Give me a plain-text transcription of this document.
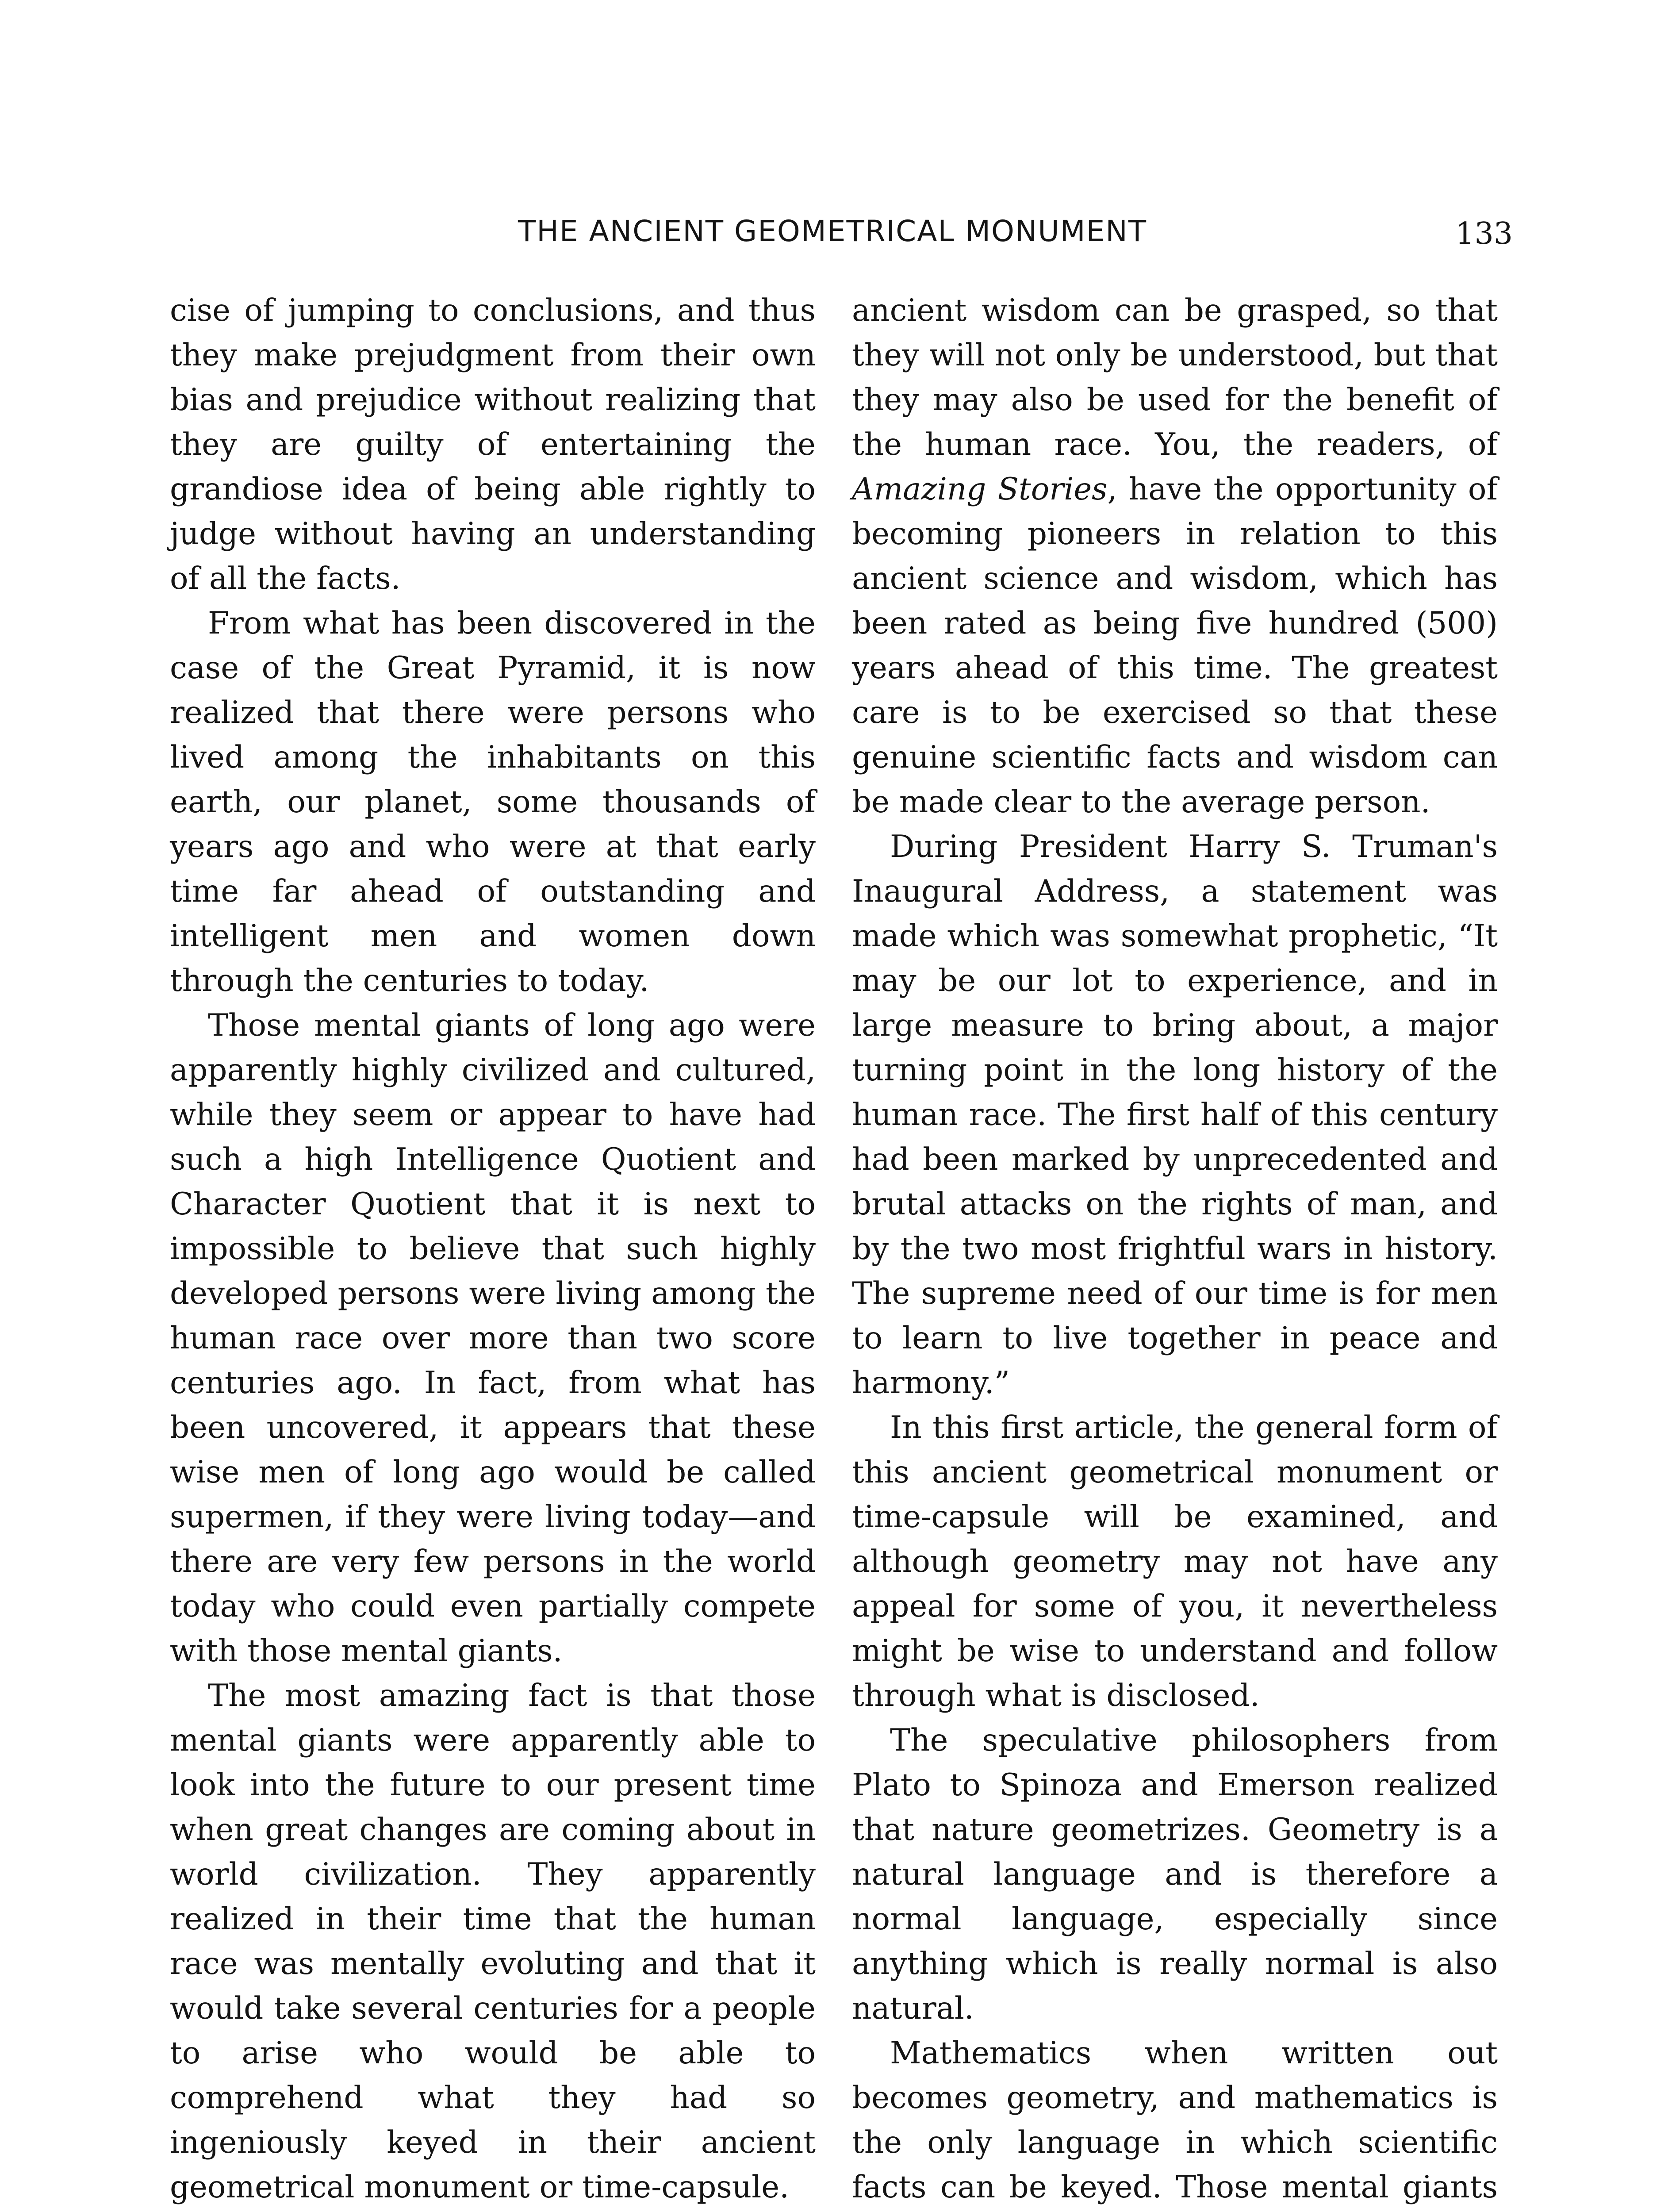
THE ANCIENT GEOMETRICAL MONUMENT	133

cise of jumping to conclusions, and thus they make prejudgment from their own bias and prejudice without realizing that they are guilty of entertaining the grandiose idea of being able rightly to judge without having an understanding of all the facts.

From what has been discovered in the case of the Great Pyramid, it is now realized that there were persons who lived among the inhabitants on this earth, our planet, some thousands of years ago and who were at that early time far ahead of outstanding and intelligent men and women down through the centuries to today.

Those mental giants of long ago were apparently highly civilized and cultured, while they seem or appear to have had such a high Intelligence Quotient and Character Quotient that it is next to impossible to believe that such highly developed persons were living among the human race over more than two score centuries ago. In fact, from what has been uncovered, it appears that these wise men of long ago would be called supermen, if they were living today—and there are very few persons in the world today who could even partially compete with those mental giants.

The most amazing fact is that those mental giants were apparently able to look into the future to our present time when great changes are coming about in world civilization. They apparently realized in their time that the human race was mentally evoluting and that it would take several centuries for a people to arise who would be able to comprehend what they had so ingeniously keyed in their ancient geometrical monument or time-capsule.

ancient wisdom can be grasped, so that they will not only be understood, but that they may also be used for the benefit of the human race. You, the readers, of Amazing Stories, have the opportunity of becoming pioneers in relation to this ancient science and wisdom, which has been rated as being five hundred (500) years ahead of this time. The greatest care is to be exercised so that these genuine scientific facts and wisdom can be made clear to the average person.

During President Harry S. Truman's Inaugural Address, a statement was made which was somewhat prophetic, “It may be our lot to experience, and in large measure to bring about, a major turning point in the long history of the human race. The first half of this century had been marked by unprecedented and brutal attacks on the rights of man, and by the two most frightful wars in history. The supreme need of our time is for men to learn to live together in peace and harmony.”

In this first article, the general form of this ancient geometrical monument or time-capsule will be examined, and although geometry may not have any appeal for some of you, it nevertheless might be wise to understand and follow through what is disclosed.

The speculative philosophers from Plato to Spinoza and Emerson realized that nature geometrizes. Geometry is a natural language and is therefore a normal language, especially since anything which is really normal is also natural.

Mathematics when written out becomes geometry, and mathematics is the only language in which scientific facts can be keyed. Those mental giants
